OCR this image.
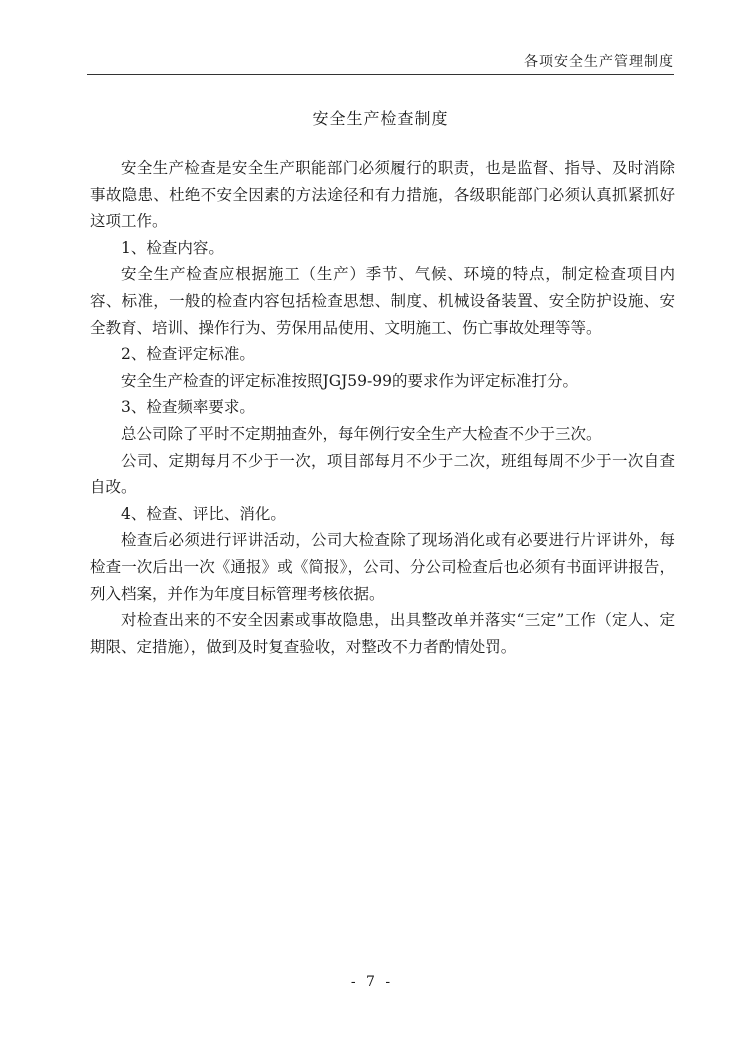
各项安全生产管理制度
安全生产检查制度

安全生产检查是安全生产职能部门必须履行的职责，也是监督、指导、及时消除事故隐患、杜绝不安全因素的方法途径和有力措施，各级职能部门必须认真抓紧抓好这项工作。

1、检查内容。

安全生产检查应根据施工（生产）季节、气候、环境的特点，制定检查项目内容、标准，一般的检查内容包括检查思想、制度、机械设备装置、安全防护设施、安全教育、培训、操作行为、劳保用品使用、文明施工、伤亡事故处理等等。

2、检查评定标准。

安全生产检查的评定标准按照JGJ59-99的要求作为评定标准打分。

3、检查频率要求。

总公司除了平时不定期抽查外，每年例行安全生产大检查不少于三次。

公司、定期每月不少于一次，项目部每月不少于二次，班组每周不少于一次自查自改。

4、检查、评比、消化。

检查后必须进行评讲活动，公司大检查除了现场消化或有必要进行片评讲外，每检查一次后出一次《通报》或《简报》，公司、分公司检查后也必须有书面评讲报告，列入档案，并作为年度目标管理考核依据。

对检查出来的不安全因素或事故隐患，出具整改单并落实“三定”工作（定人、定期限、定措施），做到及时复查验收，对整改不力者酌情处罚。

- 7 -
